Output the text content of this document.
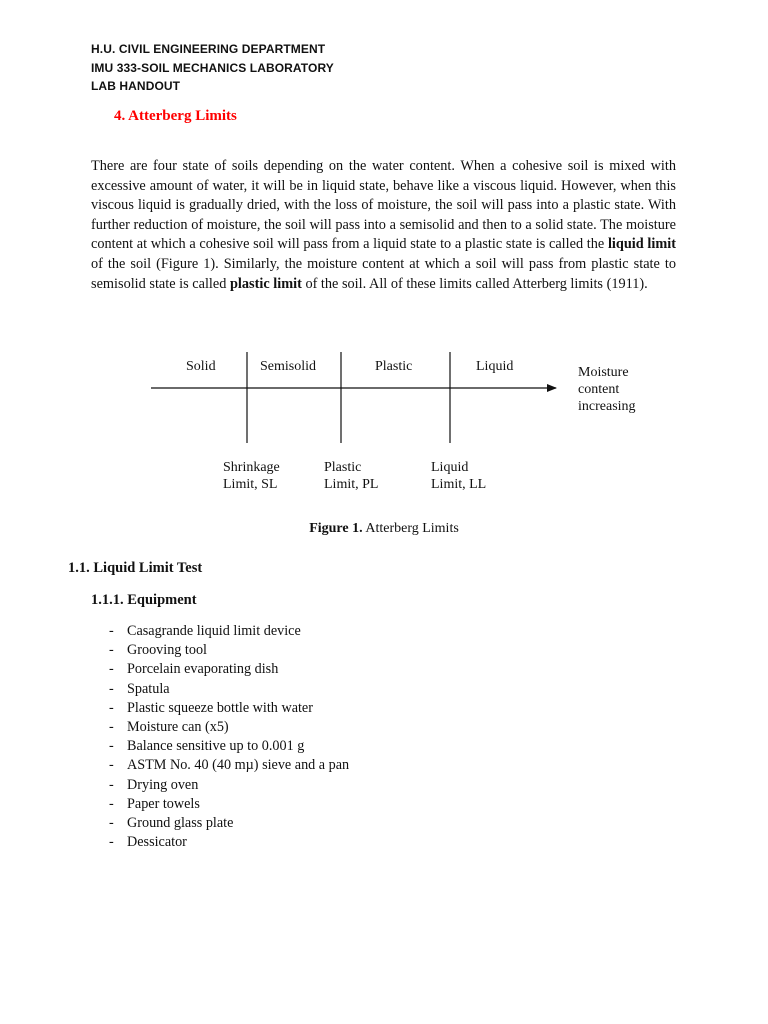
H.U. CIVIL ENGINEERING DEPARTMENT
IMU 333-SOIL MECHANICS LABORATORY
LAB HANDOUT
4. Atterberg Limits

There are four state of soils depending on the water content. When a cohesive soil is mixed with excessive amount of water, it will be in liquid state, behave like a viscous liquid. However, when this viscous liquid is gradually dried, with the loss of moisture, the soil will pass into a plastic state. With further reduction of moisture, the soil will pass into a semisolid and then to a solid state. The moisture content at which a cohesive soil will pass from a liquid state to a plastic state is called the liquid limit of the soil (Figure 1). Similarly, the moisture content at which a soil will pass from plastic state to semisolid state is called plastic limit of the soil. All of these limits called Atterberg limits (1911).

Solid	Semisolid	Plastic	Liquid	Moisture
content
increasing
Shrinkage
Limit, SL
Plastic
Limit, PL
Liquid
Limit, LL
Figure 1. Atterberg Limits
1.1. Liquid Limit Test
1.1.1. Equipment
- Casagrande liquid limit device
- Grooving tool
- Porcelain evaporating dish
- Spatula
- Plastic squeeze bottle with water
- Moisture can (x5)
- Balance sensitive up to 0.001 g
- ASTM No. 40 (40 mµ) sieve and a pan
- Drying oven
- Paper towels
- Ground glass plate
- Dessicator
